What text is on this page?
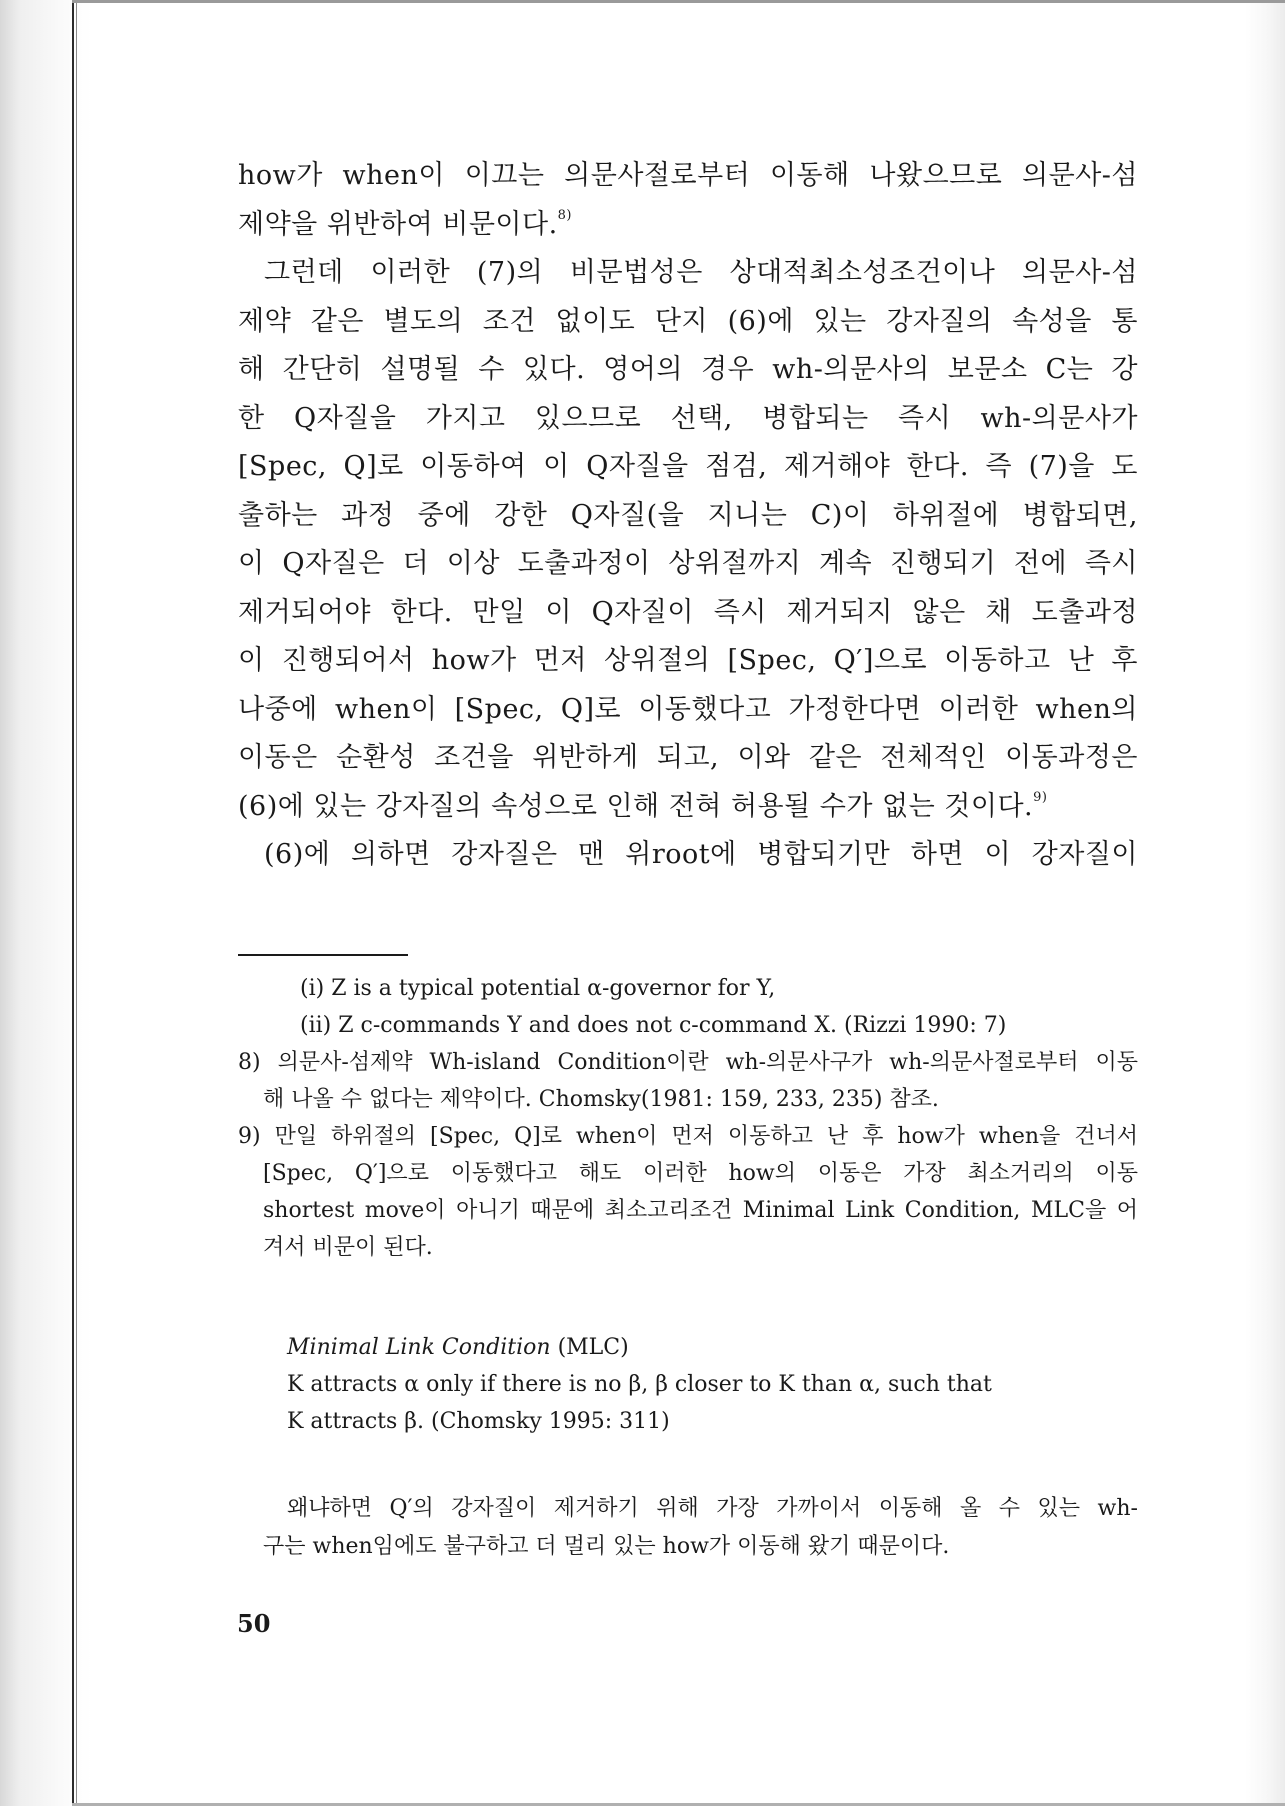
how가 when이 이끄는 의문사절로부터 이동해 나왔으므로 의문사-섬

제약을 위반하여 비문이다.$^{8)}$

그런데 이러한 (7)의 비문법성은 상대적최소성조건이나 의문사-섬

제약 같은 별도의 조건 없이도 단지 (6)에 있는 강자질의 속성을 통

해 간단히 설명될 수 있다. 영어의 경우 wh-의문사의 보문소 C는 강

한 Q자질을 가지고 있으므로 선택, 병합되는 즉시 wh-의문사가

[Spec, Q]로 이동하여 이 Q자질을 점검, 제거해야 한다. 즉 (7)을 도

출하는 과정 중에 강한 Q자질(을 지니는 C)이 하위절에 병합되면,

이 Q자질은 더 이상 도출과정이 상위절까지 계속 진행되기 전에 즉시

제거되어야 한다. 만일 이 Q자질이 즉시 제거되지 않은 채 도출과정

이 진행되어서 how가 먼저 상위절의 [Spec, Q′]으로 이동하고 난 후

나중에 when이 [Spec, Q]로 이동했다고 가정한다면 이러한 when의

이동은 순환성 조건을 위반하게 되고, 이와 같은 전체적인 이동과정은

(6)에 있는 강자질의 속성으로 인해 전혀 허용될 수가 없는 것이다.$^{9)}$

(6)에 의하면 강자질은 맨 위root에 병합되기만 하면 이 강자질이

(i) Z is a typical potential α-governor for Y,
(ii) Z c-commands Y and does not c-command X. (Rizzi 1990: 7)
8) 의문사-섬제약 Wh-island Condition이란 wh-의문사구가 wh-의문사절로부터 이동
해 나올 수 없다는 제약이다. Chomsky(1981: 159, 233, 235) 참조.
9) 만일 하위절의 [Spec, Q]로 when이 먼저 이동하고 난 후 how가 when을 건너서
[Spec, Q′]으로 이동했다고 해도 이러한 how의 이동은 가장 최소거리의 이동
shortest move이 아니기 때문에 최소고리조건 Minimal Link Condition, MLC을 어
겨서 비문이 된다.
Minimal Link Condition (MLC)
K attracts α only if there is no β, β closer to K than α, such that
K attracts β. (Chomsky 1995: 311)
왜냐하면 Q′의 강자질이 제거하기 위해 가장 가까이서 이동해 올 수 있는 wh-
구는 when임에도 불구하고 더 멀리 있는 how가 이동해 왔기 때문이다.
50
